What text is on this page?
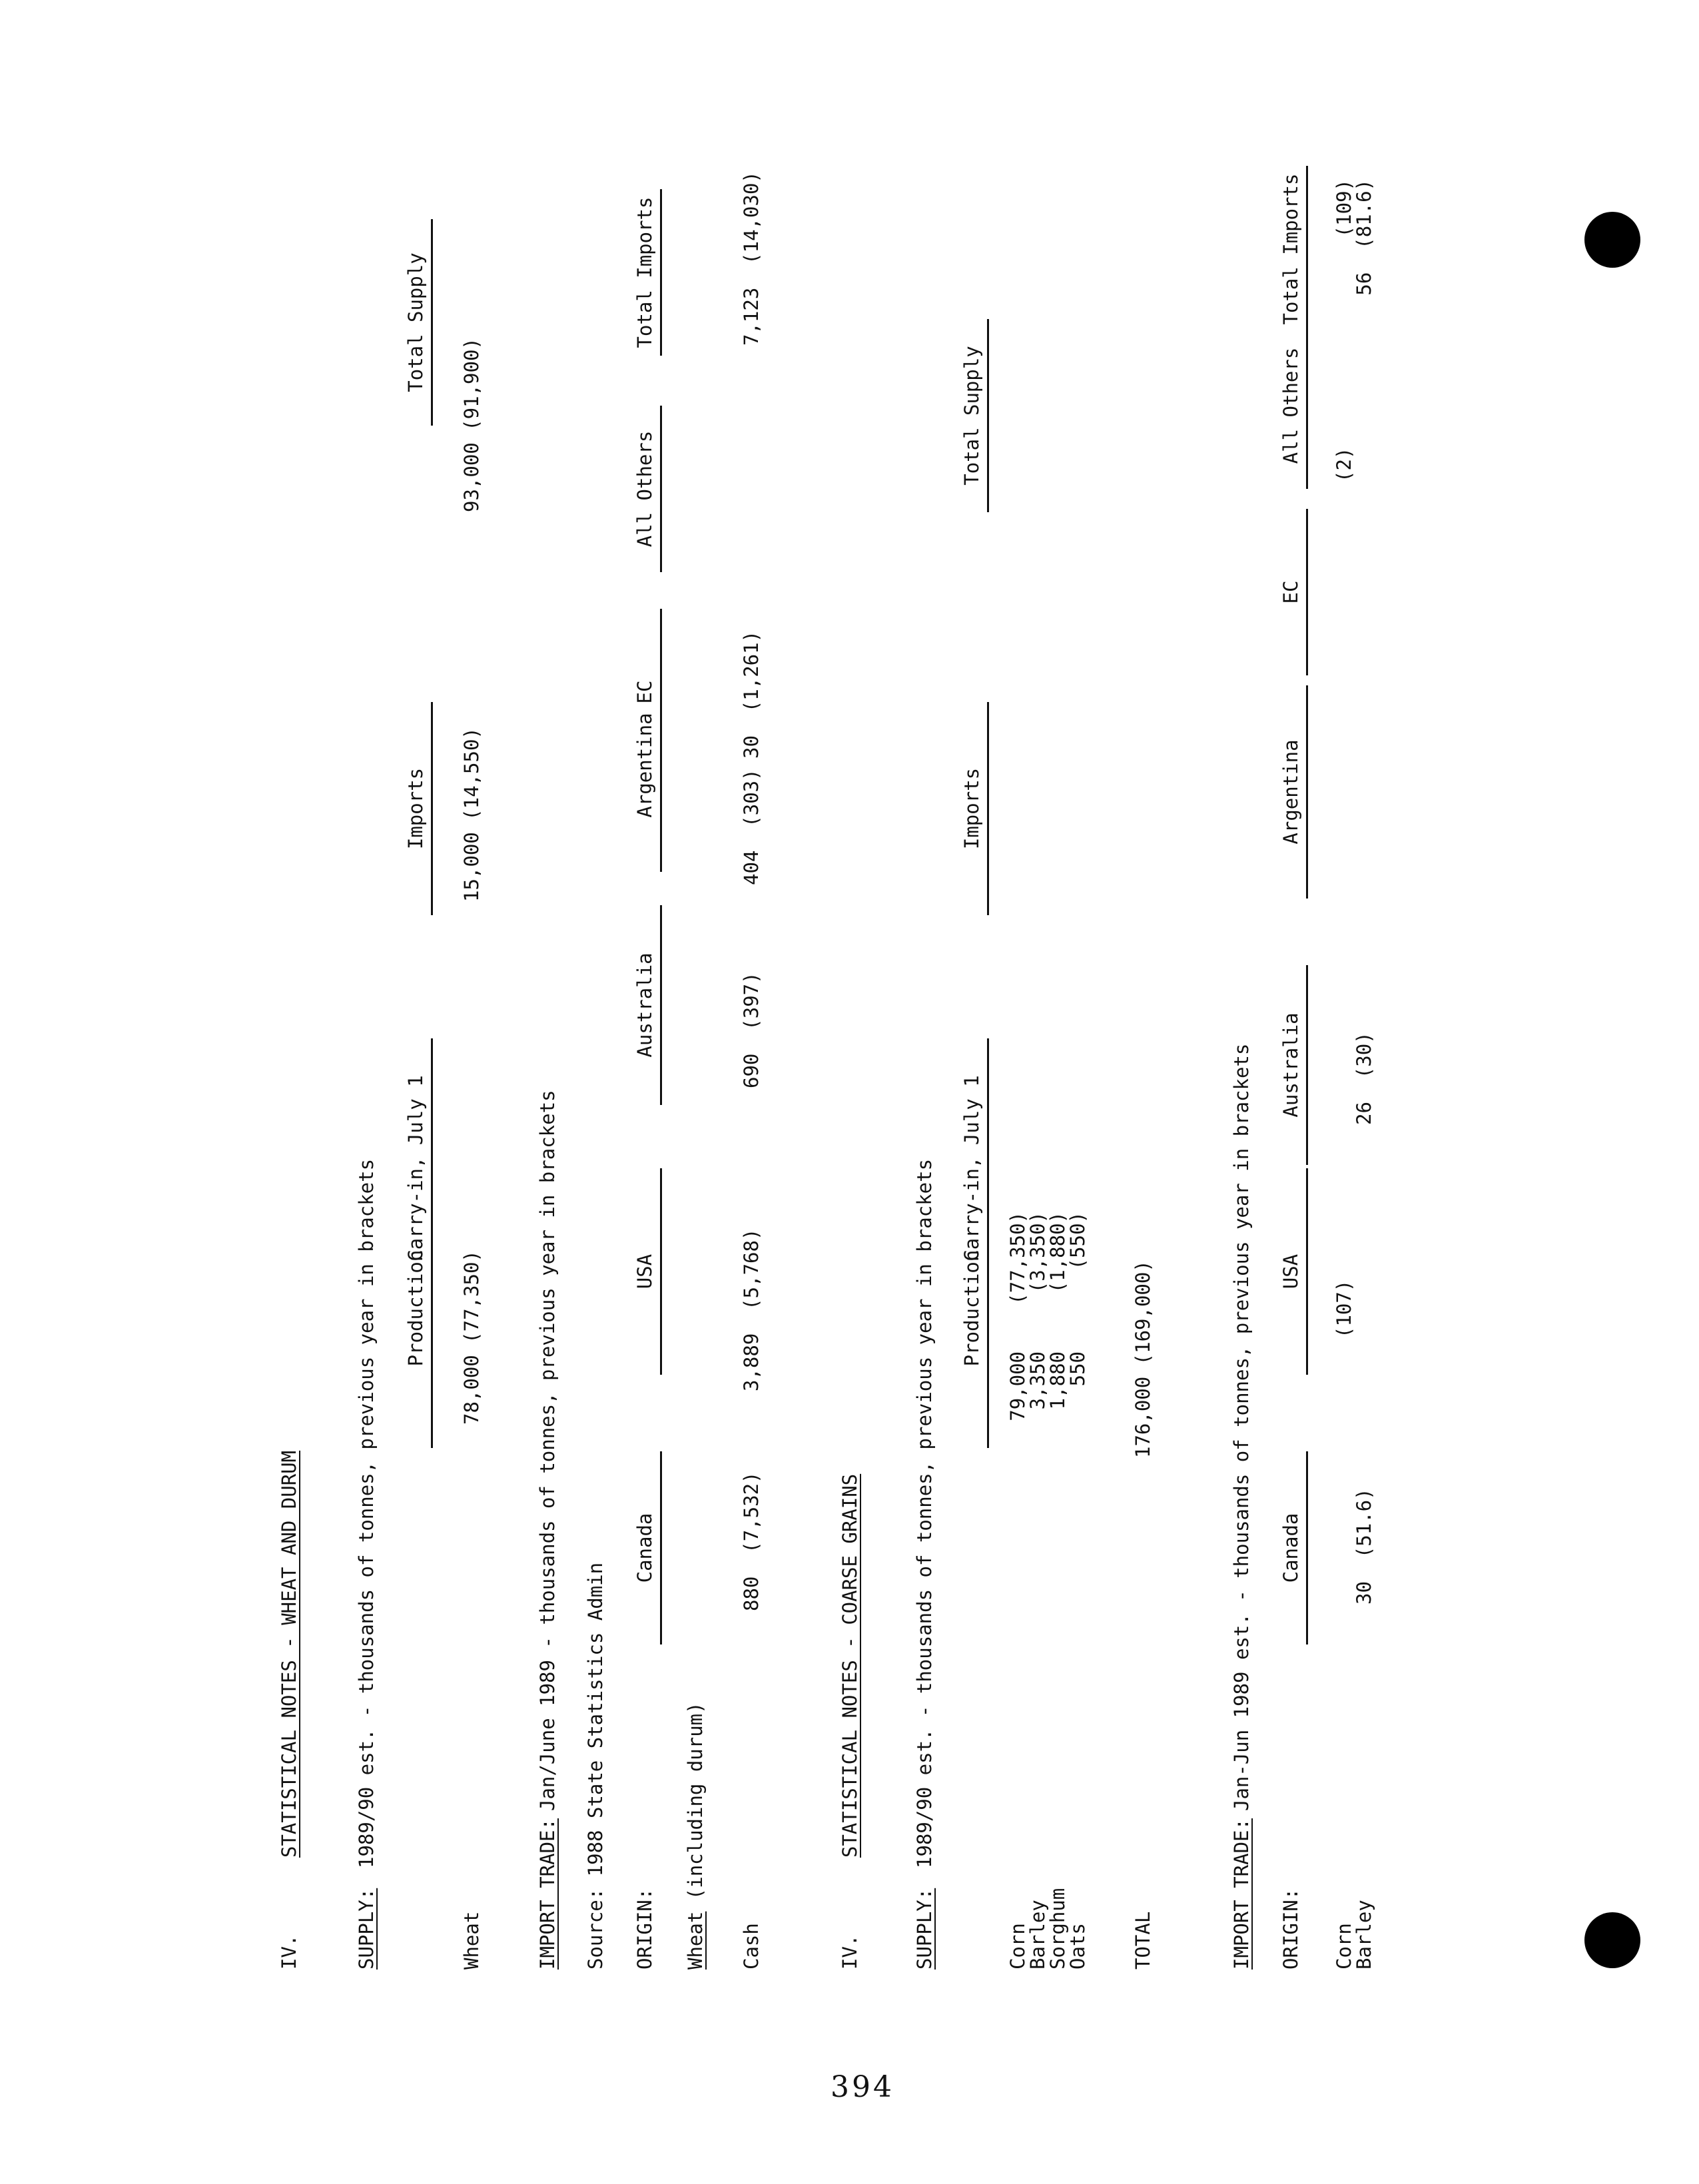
394
IV.
STATISTICAL NOTES - WHEAT AND DURUM
SUPPLY:
1989/90 est. - thousands of tonnes, previous year in brackets Production
Carry-in, July 1
Imports
Total Supply
Wheat
78,000 (77,350)
15,000 (14,550)
93,000 (91,900)
IMPORT TRADE:
Jan/June 1989 - thousands of tonnes, previous year in brackets Source: 1988 State Statistics Admin ORIGIN:
Canada
USA
Australia
Argentina
EC
All Others
Total Imports
Wheat (including durum)
Cash
880  (7,532)
3,889  (5,768)
690  (397)
404  (303)
30  (1,261)
7,123  (14,030)
IV.
STATISTICAL NOTES - COARSE GRAINS
SUPPLY:
1989/90 est. - thousands of tonnes, previous year in brackets Production
Carry-in, July 1
Imports
Total Supply
Corn
Barley
Sorghum
Oats
79,000
3,350
1,880
550
(77,350)
(3,350)
(1,880)
(550)
TOTAL
176,000 (169,000)
IMPORT TRADE:
Jan-Jun 1989 est. - thousands of tonnes, previous year in brackets
ORIGIN:
Canada
USA
Australia
Argentina
EC
All Others
Total Imports
Corn
Barley
30  (51.6)
(107)
26  (30)
(2)
(109)
56  (81.6)
